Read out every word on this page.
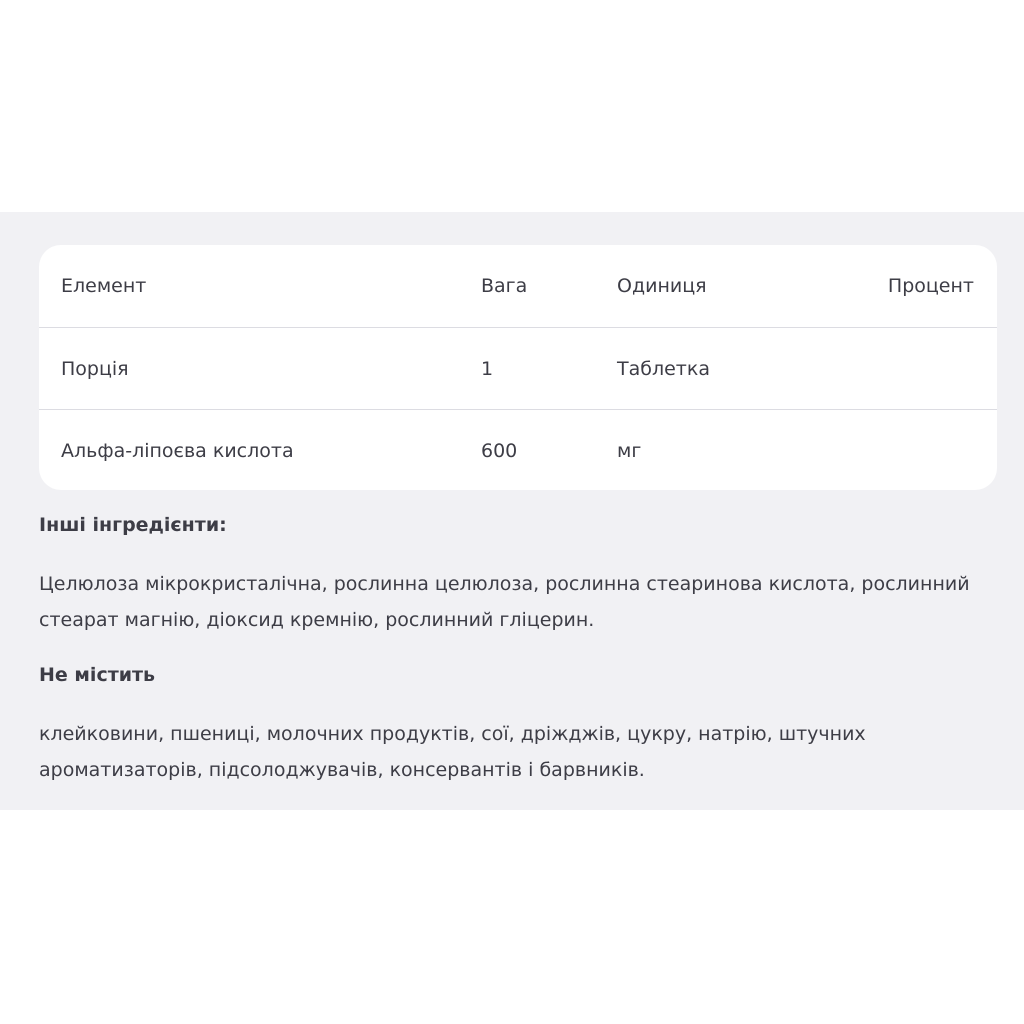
Елемент	Вага	Одиниця	Процент
Порція	1	Таблетка
Альфа-ліпоєва кислота	600	мг
Інші інгредієнти:

Целюлоза мікрокристалічна, рослинна целюлоза, рослинна стеаринова кислота, рослинний
стеарат магнію, діоксид кремнію, рослинний гліцерин.

Не містить

клейковини, пшениці, молочних продуктів, сої, дріжджів, цукру, натрію, штучних
ароматизаторів, підсолоджувачів, консервантів і барвників.
